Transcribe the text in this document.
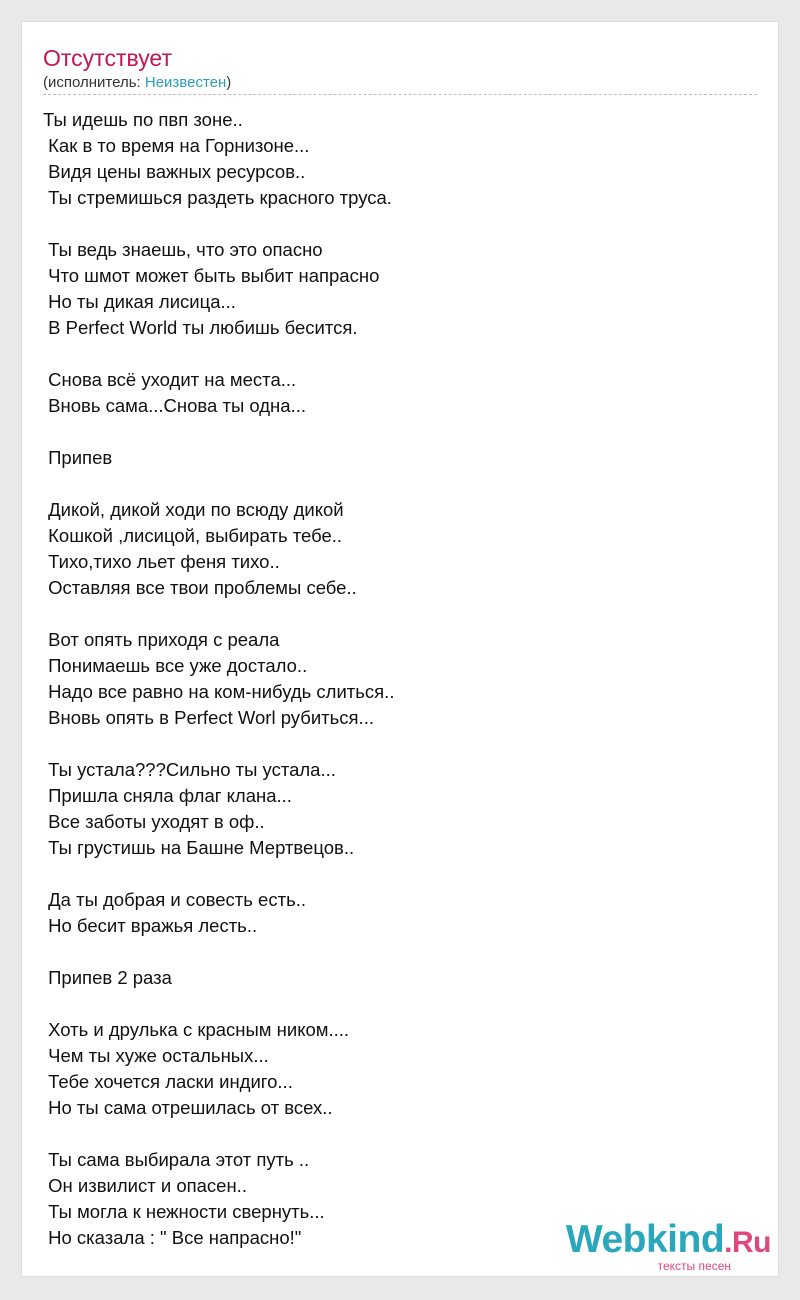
Отсутствует
(исполнитель: Неизвестен)
Ты идешь по пвп зоне..
Как в то время на Горнизоне...
Видя цены важных ресурсов..
Ты стремишься раздеть красного труса.

Ты ведь знаешь, что это опасно
Что шмот может быть выбит напрасно
Но ты дикая лисица...
В Perfect World ты любишь бесится.

Снова всё уходит на места...
Вновь сама...Снова ты одна...

Припев

Дикой, дикой ходи по всюду дикой
Кошкой ,лисицой, выбирать тебе..
Тихо,тихо льет феня тихо..
Оставляя все твои проблемы себе..

Вот опять приходя с реала
Понимаешь все уже достало..
Надо все равно на ком-нибудь слиться..
Вновь опять в Perfect Worl рубиться...

Ты устала???Сильно ты устала...
Пришла сняла флаг клана...
Все заботы уходят в оф..
Ты грустишь на Башне Мертвецов..

Да ты добрая и совесть есть..
Но бесит вражья лесть..

Припев 2 раза

Хоть и друлька с красным ником....
Чем ты хуже остальных...
Тебе хочется ласки индиго...
Но ты сама отрешилась от всех..

Ты сама выбирала этот путь ..
Он извилист и опасен..
Ты могла к нежности свернуть...
Но сказала : " Все напрасно!"	Webkind.Ru
тексты песен
